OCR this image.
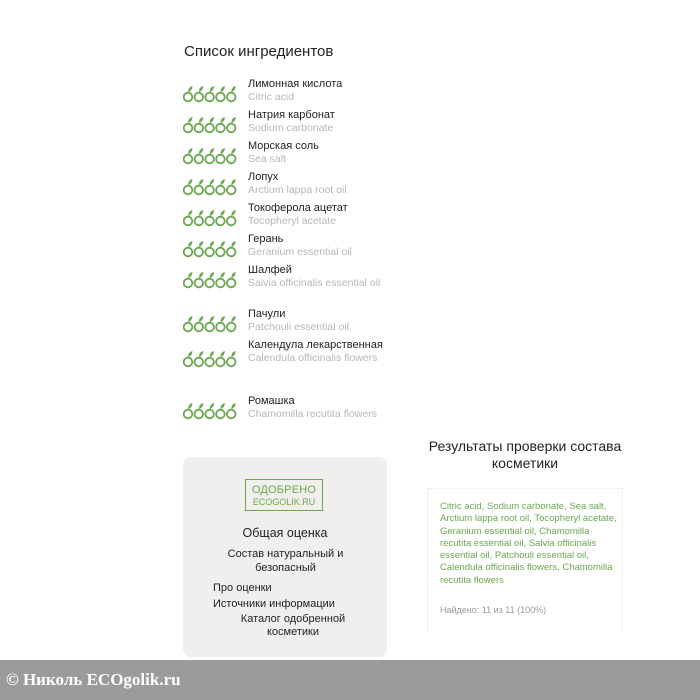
Список ингредиентов
Лимонная кислота
Citric acid
Натрия карбонат
Sodium carbonate
Морская соль
Sea salt
Лопух
Arctium lappa root oil
Токоферола ацетат
Tocopheryl acetate
Герань
Geranium essential oil
Шалфей
Salvia officinalis essential oil
Пачули
Patchouli essential oil
Календула лекарственная
Calendula officinalis flowers
Ромашка
Chamomilla recutita flowers
ОДОБРЕНО
ECOGOLIK.RU
Общая оценка
Состав натуральный и безопасный
Про оценки
Источники информации
Каталог одобренной косметики
Результаты проверки состава косметики
Citric acid, Sodium carbonate, Sea salt, Arctium lappa root oil, Tocopheryl acetate, Geranium essential oil, Chamomilla recutita essential oil, Salvia officinalis essential oil, Patchouli essential oil, Calendula officinalis flowers, Chamomilla recutita flowers
Найдено: 11 из 11 (100%)
© Николь ECOgolik.ru
